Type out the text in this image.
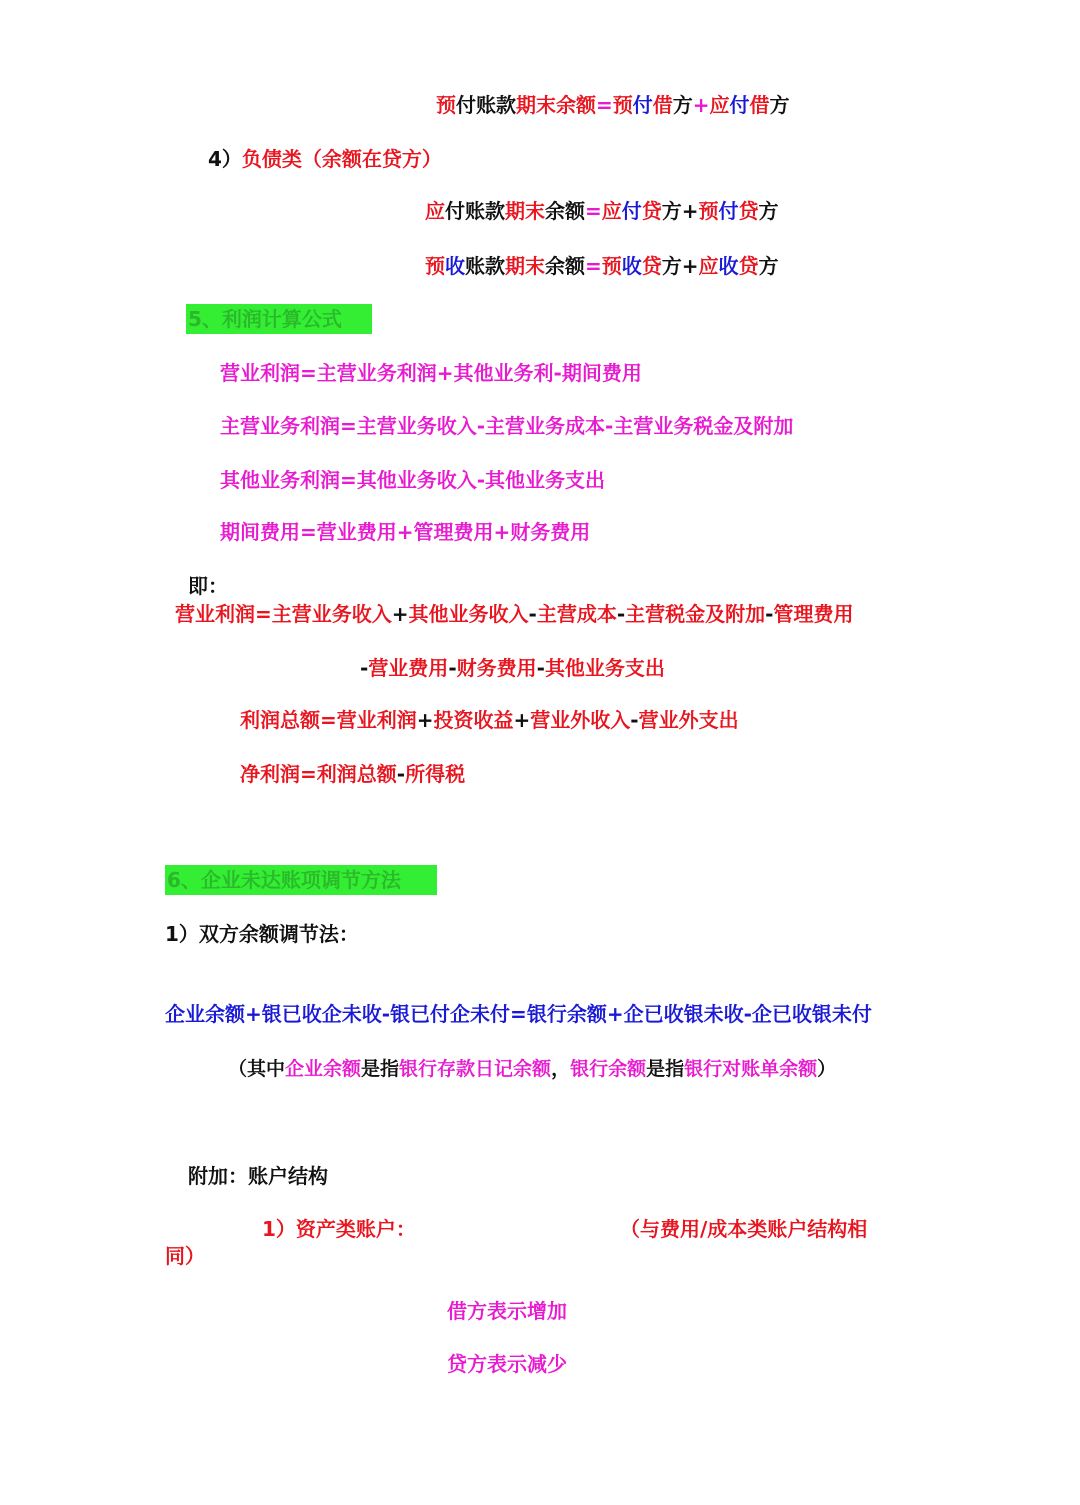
预付账款期末余额=预付借方+应付借方
4）负债类（余额在贷方）
应付账款期末余额=应付贷方+预付贷方
预收账款期末余额=预收贷方+应收贷方
5、利润计算公式
营业利润=主营业务利润+其他业务利-期间费用
主营业务利润=主营业务收入-主营业务成本-主营业务税金及附加
其他业务利润=其他业务收入-其他业务支出
期间费用=营业费用+管理费用+财务费用
即：
营业利润=主营业务收入+其他业务收入-主营成本-主营税金及附加-管理费用
-营业费用-财务费用-其他业务支出
利润总额=营业利润+投资收益+营业外收入-营业外支出
净利润=利润总额-所得税
6、企业未达账项调节方法
1）双方余额调节法：
企业余额+银已收企未收-银已付企未付=银行余额+企已收银未收-企已收银未付
（其中企业余额是指银行存款日记余额，银行余额是指银行对账单余额）
附加：账户结构
1）资产类账户：	（与费用/成本类账户结构相
同）
借方表示增加
贷方表示减少
